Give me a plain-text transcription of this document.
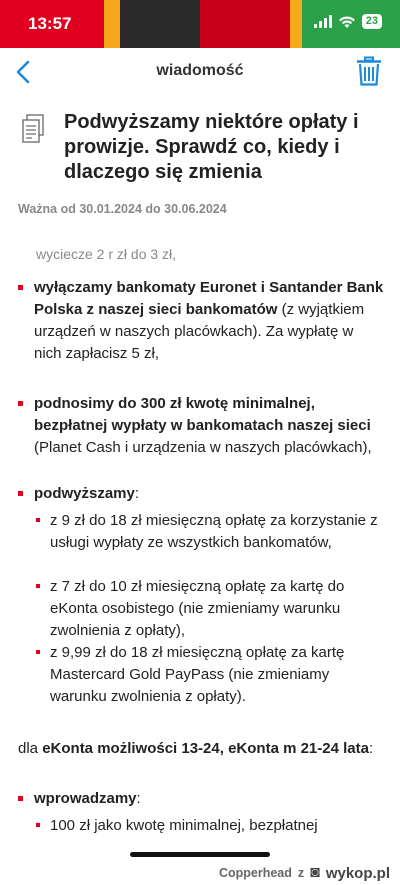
13:57	23
wiadomość
Podwyższamy niektóre opłaty i prowizje. Sprawdź co, kiedy i dlaczego się zmienia
Ważna od 30.01.2024 do 30.06.2024
wyciecze 2 r zł do 3 zł,
wyłączamy bankomaty Euronet i Santander Bank Polska z naszej sieci bankomatów (z wyjątkiem urządzeń w naszych placówkach). Za wypłatę w nich zapłacisz 5 zł,
podnosimy do 300 zł kwotę minimalnej, bezpłatnej wypłaty w bankomatach naszej sieci (Planet Cash i urządzenia w naszych placówkach),
podwyższamy:
z 9 zł do 18 zł miesięczną opłatę za korzystanie z usługi wypłaty ze wszystkich bankomatów,
z 7 zł do 10 zł miesięczną opłatę za kartę do eKonta osobistego (nie zmieniamy warunku zwolnienia z opłaty),
z 9,99 zł do 18 zł miesięczną opłatę za kartę Mastercard Gold PayPass (nie zmieniamy warunku zwolnienia z opłaty).
dla eKonta możliwości 13-24, eKonta m 21-24 lata:
wprowadzamy:
100 zł jako kwotę minimalnej, bezpłatnej
Copperhead z ◙ wykop.pl
